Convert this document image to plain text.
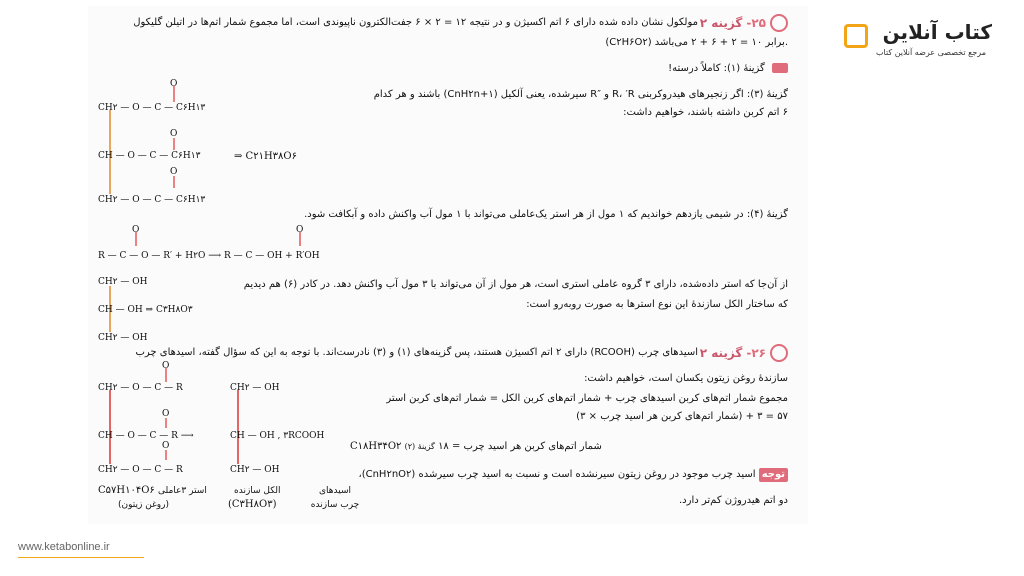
۲۵-
گزینه ۲
مولکول نشان داده شده دارای ۶ اتم اکسیژن و در نتیجه ۱۲ = ۲ × ۶ جفت‌الکترون ناپیوندی است، اما مجموع شمار اتم‌ها در اتیلن گلیکول
(C۲H۶O۲) برابر ۱۰ = ۲ + ۶ + ۲ می‌باشد.
گزینهٔ (۱): کاملاً درسته!
گزینهٔ (۳): اگر زنجیرهای هیدروکربنی R، ′R و ″R سیرشده، یعنی آلکیل (CnH۲n+۱) باشند و هر کدام
۶ اتم کربن داشته باشند، خواهیم داشت:
O
O
O
CH۲ — O — C — C۶H۱۳
CH — O — C — C۶H۱۳
CH۲ — O — C — C۶H۱۳
⇒ C۲۱H۳۸O۶
گزینهٔ (۴): در شیمی یازدهم خواندیم که ۱ مول از هر استر یک‌عاملی می‌تواند با ۱ مول آب واکنش داده و آبکافت شود.
O	O
R — C — O — R′ + H۲O ⟶ R — C — OH + R′OH
از آن‌جا که استر داده‌شده، دارای ۳ گروه عاملی استری است، هر مول از آن می‌تواند با ۳ مول آب واکنش دهد. در کادر (۶) هم دیدیم
که ساختار الکل سازندهٔ این نوع استرها به صورت روبه‌رو است:
CH۲ — OH
CH — OH ⇒ C۳H۸O۳
CH۲ — OH
۲۶-
گزینه ۲
اسیدهای چرب (RCOOH) دارای ۲ اتم اکسیژن هستند، پس گزینه‌های (۱) و (۳) نادرست‌اند. با توجه به این که سؤال گفته، اسیدهای چرب
سازندهٔ روغن زیتون یکسان است، خواهیم داشت:
مجموع شمار اتم‌های کربن اسیدهای چرب + شمار اتم‌های کربن الکل = شمار اتم‌های کربن استر
۵۷ = ۳ + (شمار اتم‌های کربن هر اسید چرب × ۳)
C۱۸H۳۴O۲ گزینهٔ (۲) شمار اتم‌های کربن هر اسید چرب = ۱۸
توجه اسید چرب موجود در روغن زیتون سیرنشده است و نسبت به اسید چرب سیرشده (CnH۲nO۲)،
دو اتم هیدروژن کم‌تر دارد.
O
O
O
CH۲ — O — C — R
CH — O — C — R ⟶
CH۲ — O — C — R
CH۲ — OH
CH — OH , ۳RCOOH
CH۲ — OH
C۵۷H۱۰۴O۶ استر ۳عاملی
(روغن زیتون)
الکل سازنده
(C۳H۸O۳)
اسیدهای چرب سازنده
کتاب آنلاین
مرجع تخصصی عرضه آنلاین کتاب
www.ketabonline.ir
